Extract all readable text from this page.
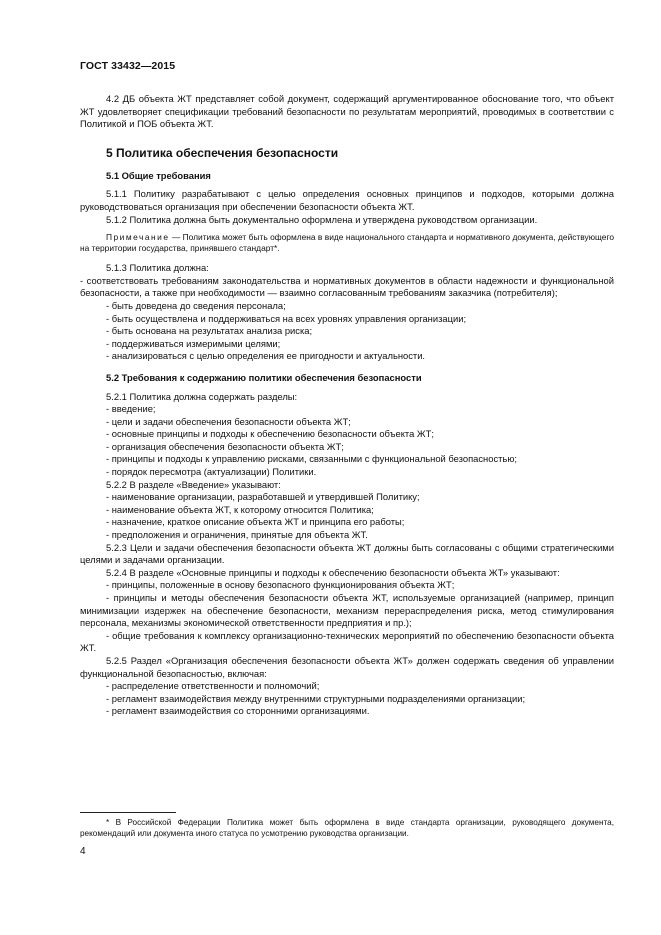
ГОСТ 33432—2015

4.2 ДБ объекта ЖТ представляет собой документ, содержащий аргументированное обоснование того, что объект ЖТ удовлетворяет спецификации требований безопасности по результатам мероприятий, проводимых в соответствии с Политикой и ПОБ объекта ЖТ.

5 Политика обеспечения безопасности
5.1 Общие требования

5.1.1 Политику разрабатывают с целью определения основных принципов и подходов, которыми должна руководствоваться организация при обеспечении безопасности объекта ЖТ.

5.1.2 Политика должна быть документально оформлена и утверждена руководством организации.

Примечание — Политика может быть оформлена в виде национального стандарта и нормативного документа, действующего на территории государства, принявшего стандарт*.

5.1.3 Политика должна:

- соответствовать требованиям законодательства и нормативных документов в области надежности и функциональной безопасности, а также при необходимости — взаимно согласованным требованиям заказчика (потребителя);

- быть доведена до сведения персонала;

- быть осуществлена и поддерживаться на всех уровнях управления организации;

- быть основана на результатах анализа риска;

- поддерживаться измеримыми целями;

- анализироваться с целью определения ее пригодности и актуальности.

5.2 Требования к содержанию политики обеспечения безопасности

5.2.1 Политика должна содержать разделы:

- введение;

- цели и задачи обеспечения безопасности объекта ЖТ;

- основные принципы и подходы к обеспечению безопасности объекта ЖТ;

- организация обеспечения безопасности объекта ЖТ;

- принципы и подходы к управлению рисками, связанными с функциональной безопасностью;

- порядок пересмотра (актуализации) Политики.

5.2.2 В разделе «Введение» указывают:

- наименование организации, разработавшей и утвердившей Политику;

- наименование объекта ЖТ, к которому относится Политика;

- назначение, краткое описание объекта ЖТ и принципа его работы;

- предположения и ограничения, принятые для объекта ЖТ.

5.2.3 Цели и задачи обеспечения безопасности объекта ЖТ должны быть согласованы с общими стратегическими целями и задачами организации.

5.2.4 В разделе «Основные принципы и подходы к обеспечению безопасности объекта ЖТ» указывают:

- принципы, положенные в основу безопасного функционирования объекта ЖТ;

- принципы и методы обеспечения безопасности объекта ЖТ, используемые организацией (например, принцип минимизации издержек на обеспечение безопасности, механизм перераспределения риска, метод стимулирования персонала, механизмы экономической ответственности предприятия и пр.);

- общие требования к комплексу организационно-технических мероприятий по обеспечению безопасности объекта ЖТ.

5.2.5 Раздел «Организация обеспечения безопасности объекта ЖТ» должен содержать сведения об управлении функциональной безопасностью, включая:

- распределение ответственности и полномочий;

- регламент взаимодействия между внутренними структурными подразделениями организации;

- регламент взаимодействия со сторонними организациями.

* В Российской Федерации Политика может быть оформлена в виде стандарта организации, руководящего документа, рекомендаций или документа иного статуса по усмотрению руководства организации.

4
